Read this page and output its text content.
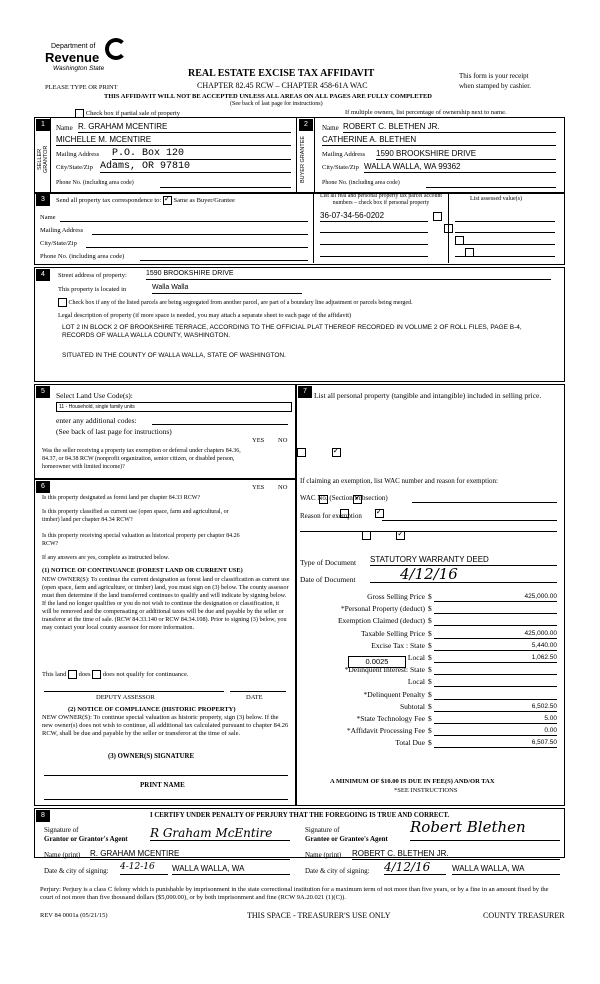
Department of
Revenue
Washington State	REAL ESTATE EXCISE TAX AFFIDAVIT
CHAPTER 82.45 RCW – CHAPTER 458-61A WAC
PLEASE TYPE OR PRINT
THIS AFFIDAVIT WILL NOT BE ACCEPTED UNLESS ALL AREAS ON ALL PAGES ARE FULLY COMPLETED
(See back of last page for instructions)
This form is your receipt
when stamped by cashier.
Check box if partial sale of property	If multiple owners, list percentage of ownership next to name.
1
SELLER GRANTOR
Name R. GRAHAM MCENTIRE
MICHELLE M. MCENTIRE
Mailing Address P.O. Box 120
City/State/Zip Adams, OR 97810
Phone No. (including area code)
2
BUYER GRANTEE
Name ROBERT C. BLETHEN JR.
CATHERINE A. BLETHEN
Mailing Address 1590 BROOKSHIRE DRIVE
City/State/Zip WALLA WALLA, WA 99362
Phone No. (including area code)
3	Send all property tax correspondence to: ✓ Same as Buyer/Grantee
Name
Mailing Address
City/State/Zip
Phone No. (including area code)
List all real and personal property tax parcel account numbers – check box if personal property
List assessed value(s)
36-07-34-56-0202

4	Street address of property:	1590 BROOKSHIRE DRIVE
This property is located in	Walla Walla
Check box if any of the listed parcels are being segregated from another parcel, are part of a boundary line adjustment or parcels being merged.
Legal description of property (if more space is needed, you may attach a separate sheet to each page of the affidavit)
LOT 2 IN BLOCK 2 OF BROOKSHIRE TERRACE, ACCORDING TO THE OFFICIAL PLAT THEREOF RECORDED IN VOLUME 2 OF ROLL FILES, PAGE B-4, RECORDS OF WALLA WALLA COUNTY, WASHINGTON.
SITUATED IN THE COUNTY OF WALLA WALLA, STATE OF WASHINGTON.
5	Select Land Use Code(s):
11 - Household, single family units
enter any additional codes:
(See back of last page for instructions)
YES NO
Was the seller receiving a property tax exemption or deferral under chapters 84.36, 84.37, or 84.38 RCW (nonprofit organization, senior citizen, or disabled person, homeowner with limited income)?
✓
6	YES NO
Is this property designated as forest land per chapter 84.33 RCW?
✓
Is this property classified as current use (open space, farm and agricultural, or timber) land per chapter 84.34 RCW?
✓
Is this property receiving special valuation as historical property per chapter 84.26 RCW?
✓
If any answers are yes, complete as instructed below.
(1) NOTICE OF CONTINUANCE (FOREST LAND OR CURRENT USE)
NEW OWNER(S): To continue the current designation as forest land or classification as current use (open space, farm and agriculture, or timber) land, you must sign on (3) below. The county assessor must then determine if the land transferred continues to qualify and will indicate by signing below. If the land no longer qualifies or you do not wish to continue the designation or classification, it will be removed and the compensating or additional taxes will be due and payable by the seller or transferor at the time of sale. (RCW 84.33.140 or RCW 84.34.108). Prior to signing (3) below, you may contact your local county assessor for more information.
This land does does not qualify for continuance.
DEPUTY ASSESSOR	DATE
(2) NOTICE OF COMPLIANCE (HISTORIC PROPERTY)
NEW OWNER(S): To continue special valuation as historic property, sign (3) below. If the new owner(s) does not wish to continue, all additional tax calculated pursuant to chapter 84.26 RCW, shall be due and payable by the seller or transferor at the time of sale.
(3) OWNER(S) SIGNATURE
PRINT NAME
7 List all personal property (tangible and intangible) included in selling price.
If claiming an exemption, list WAC number and reason for exemption:
WAC No. (Section/Subsection)
Reason for exemption
Type of Document STATUTORY WARRANTY DEED
Date of Document	4/12/16
Gross Selling Price $	425,000.00
*Personal Property (deduct) $
Exemption Claimed (deduct) $
Taxable Selling Price $	425,000.00
Excise Tax : State $	5,440.00
Local $	1,062.50
*Delinquent Interest: State $
Local $
*Delinquent Penalty $
Subtotal $	6,502.50
*State Technology Fee $	5.00
*Affidavit Processing Fee $	0.00
Total Due $	6,507.50
0.0025
A MINIMUM OF $10.00 IS DUE IN FEE(S) AND/OR TAX
*SEE INSTRUCTIONS
8	I CERTIFY UNDER PENALTY OF PERJURY THAT THE FOREGOING IS TRUE AND CORRECT.
Signature of
Grantor or Grantor's Agent R Graham McEntire
Name (print) R. GRAHAM MCENTIRE
Date & city of signing: 4-12-16	WALLA WALLA, WA
Signature of
Grantee or Grantee's Agent
Robert Blethen
Name (print) ROBERT C. BLETHEN JR.
Date & city of signing: 4/12/16	WALLA WALLA, WA
Perjury: Perjury is a class C felony which is punishable by imprisonment in the state correctional institution for a maximum term of not more than five years, or by a fine in an amount fixed by the court of not more than five thousand dollars ($5,000.00), or by both imprisonment and fine (RCW 9A.20.021 (1)(C)).
REV 84 0001a (05/21/15)	THIS SPACE - TREASURER'S USE ONLY	COUNTY TREASURER
